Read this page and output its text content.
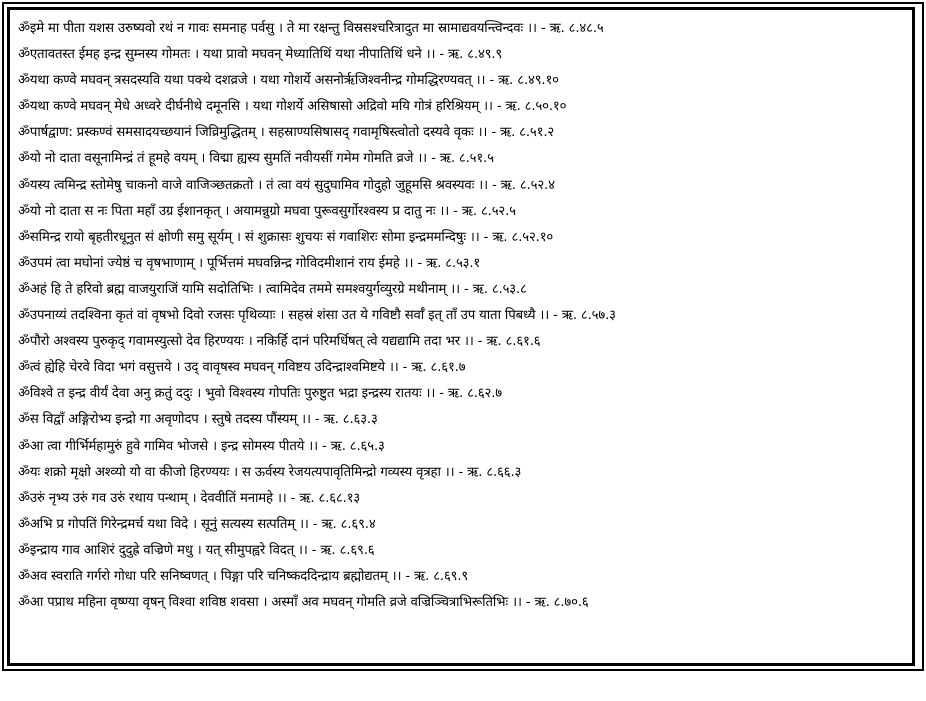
ॐइमे मा पीता यशस उरुष्यवो रथं न गावः समनाह पर्वसु । ते मा रक्षन्तु विस्रसश्चरित्रादुत मा स्रामाद्यवयन्त्विन्दवः ।। - ऋ. ८.४८.५
ॐएतावतस्त ईमह इन्द्र सुम्नस्य गोमतः । यथा प्रावो मघवन् मेध्यातिथिं यथा नीपातिथिं धने ।। - ऋ. ८.४९.९
ॐयथा कण्वे मघवन् त्रसदस्यवि यथा पक्थे दशव्रजे । यथा गोशर्ये असनोर्ऋजिश्वनीन्द्र गोमद्धिरण्यवत् ।। - ऋ. ८.४९.१०
ॐयथा कण्वे मघवन् मेधे अध्वरे दीर्घनीथे दमूनसि । यथा गोशर्ये असिषासो अद्रिवो मयि गोत्रं हरिश्रियम् ।। - ऋ. ८.५०.१०
ॐपार्षद्वाण: प्रस्कण्वं समसादयच्छयानं जिव्रिमुद्धितम् । सहस्राण्यसिषासद् गवामृषिस्त्वोतो दस्यवे वृकः ।। - ऋ. ८.५१.२
ॐयो नो दाता वसूनामिन्द्रं तं हूमहे वयम् । विद्मा ह्यस्य सुमतिं नवीयसीं गमेम गोमति व्रजे ।। - ऋ. ८.५१.५
ॐयस्य त्वमिन्द्र स्तोमेषु चाकनो वाजे वाजिञ्छतक्रतो । तं त्वा वयं सुदुघामिव गोदुहो जुहूमसि श्रवस्यवः ।। - ऋ. ८.५२.४
ॐयो नो दाता स नः पिता महाँ उग्र ईशानकृत् । अयामन्नुग्रो मघवा पुरूवसुर्गोरश्वस्य प्र दातु नः ।। - ऋ. ८.५२.५
ॐसमिन्द्र रायो बृहतीरधूनुत सं क्षोणी समु सूर्यम् । सं शुक्रासः शुचयः सं गवाशिरः सोमा इन्द्रममन्दिषुः ।। - ऋ. ८.५२.१०
ॐउपमं त्वा मघोनां ज्येष्ठं च वृषभाणाम् । पूर्भित्तमं मघवन्निन्द्र गोविदमीशानं राय ईमहे ।। - ऋ. ८.५३.१
ॐअहं हि ते हरिवो ब्रह्म वाजयुराजिं यामि सदोतिभिः । त्वामिदेव तममे समश्वयुर्गव्युरग्रे मथीनाम् ।। - ऋ. ८.५३.८
ॐउपनाय्यं तदश्विना कृतं वां वृषभो दिवो रजसः पृथिव्याः । सहस्रं शंसा उत ये गविष्टौ सर्वाँ इत् ताँ उप याता पिबध्यै ।। - ऋ. ८.५७.३
ॐपौरो अश्वस्य पुरुकृद् गवामस्युत्सो देव हिरण्ययः । नकिर्हि दानं परिमर्धिषत् त्वे यद्यद्यामि तदा भर ।। - ऋ. ८.६१.६
ॐत्वं ह्येहि चेरवे विदा भगं वसुत्तये । उद् वावृषस्व मघवन् गविष्टय उदिन्द्राश्वमिष्टये ।। - ऋ. ८.६१.७
ॐविश्वे त इन्द्र वीर्यं देवा अनु क्रतुं ददुः । भुवो विश्वस्य गोपतिः पुरुष्टुत भद्रा इन्द्रस्य रातयः ।। - ऋ. ८.६२.७
ॐस विद्वाँ अङ्गिरोभ्य इन्द्रो गा अवृणोदप । स्तुषे तदस्य पौंस्यम् ।। - ऋ. ८.६३.३
ॐआ त्वा गीर्भिर्महामुरुं हुवे गामिव भोजसे । इन्द्र सोमस्य पीतये ।। - ऋ. ८.६५.३
ॐयः शक्रो मृक्षो अश्व्यो यो वा कीजो हिरण्ययः । स ऊर्वस्य रेजयत्यपावृतिमिन्द्रो गव्यस्य वृत्रहा ।। - ऋ. ८.६६.३
ॐउरुं नृभ्य उरुं गव उरुं रथाय पन्थाम् । देववीतिं मनामहे ।। - ऋ. ८.६८.१३
ॐअभि प्र गोपतिं गिरेन्द्रमर्च यथा विदे । सूनुं सत्यस्य सत्पतिम् ।। - ऋ. ८.६९.४
ॐइन्द्राय गाव आशिरं दुदुह्रे वज्रिणे मधु । यत् सीमुपह्वरे विदत् ।। - ऋ. ८.६९.६
ॐअव स्वराति गर्गरो गोधा परि सनिष्वणत् । पिङ्गा परि चनिष्कददिन्द्राय ब्रह्मोद्यतम् ।। - ऋ. ८.६९.९
ॐआ पप्राथ महिना वृष्ण्या वृषन् विश्वा शविष्ठ शवसा । अस्माँ अव मघवन् गोमति व्रजे वज्रिञ्चित्राभिरूतिभिः ।। - ऋ. ८.७०.६
